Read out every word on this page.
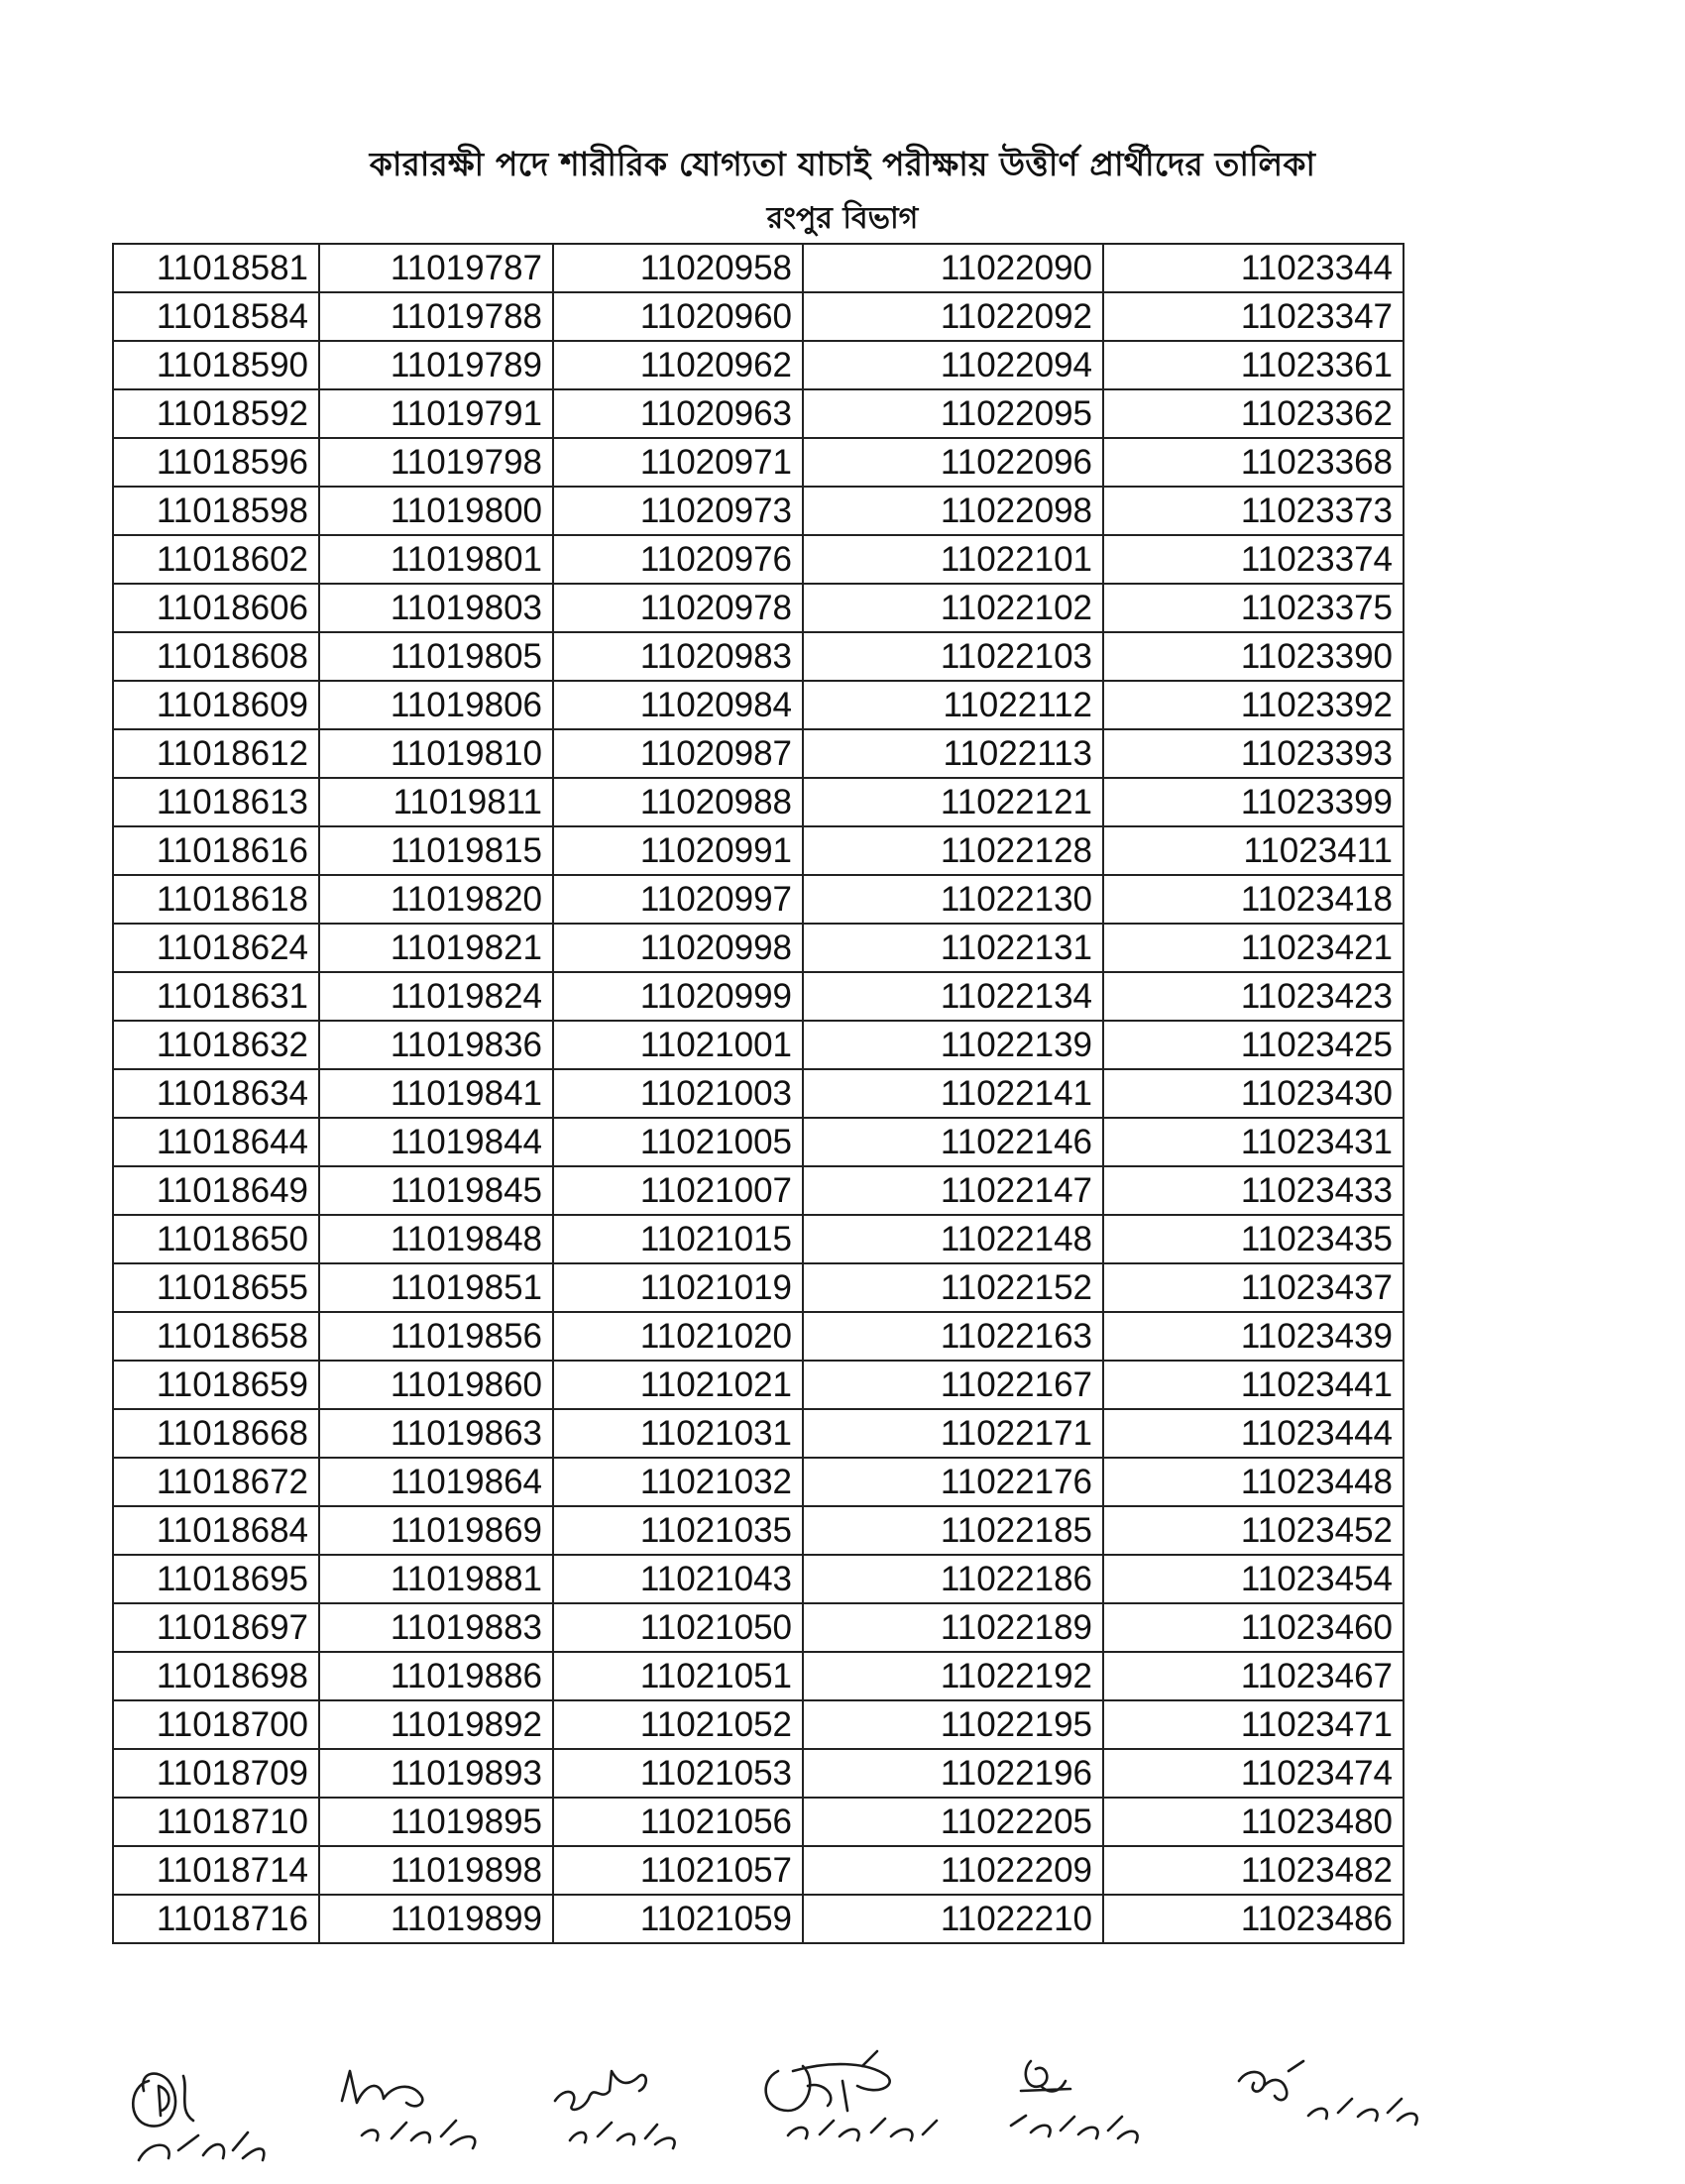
কারারক্ষী পদে শারীরিক যোগ্যতা যাচাই পরীক্ষায় উত্তীর্ণ প্রার্থীদের তালিকা
রংপুর বিভাগ
11018581	11019787	11020958	11022090	11023344
11018584	11019788	11020960	11022092	11023347
11018590	11019789	11020962	11022094	11023361
11018592	11019791	11020963	11022095	11023362
11018596	11019798	11020971	11022096	11023368
11018598	11019800	11020973	11022098	11023373
11018602	11019801	11020976	11022101	11023374
11018606	11019803	11020978	11022102	11023375
11018608	11019805	11020983	11022103	11023390
11018609	11019806	11020984	11022112	11023392
11018612	11019810	11020987	11022113	11023393
11018613	11019811	11020988	11022121	11023399
11018616	11019815	11020991	11022128	11023411
11018618	11019820	11020997	11022130	11023418
11018624	11019821	11020998	11022131	11023421
11018631	11019824	11020999	11022134	11023423
11018632	11019836	11021001	11022139	11023425
11018634	11019841	11021003	11022141	11023430
11018644	11019844	11021005	11022146	11023431
11018649	11019845	11021007	11022147	11023433
11018650	11019848	11021015	11022148	11023435
11018655	11019851	11021019	11022152	11023437
11018658	11019856	11021020	11022163	11023439
11018659	11019860	11021021	11022167	11023441
11018668	11019863	11021031	11022171	11023444
11018672	11019864	11021032	11022176	11023448
11018684	11019869	11021035	11022185	11023452
11018695	11019881	11021043	11022186	11023454
11018697	11019883	11021050	11022189	11023460
11018698	11019886	11021051	11022192	11023467
11018700	11019892	11021052	11022195	11023471
11018709	11019893	11021053	11022196	11023474
11018710	11019895	11021056	11022205	11023480
11018714	11019898	11021057	11022209	11023482
11018716	11019899	11021059	11022210	11023486
